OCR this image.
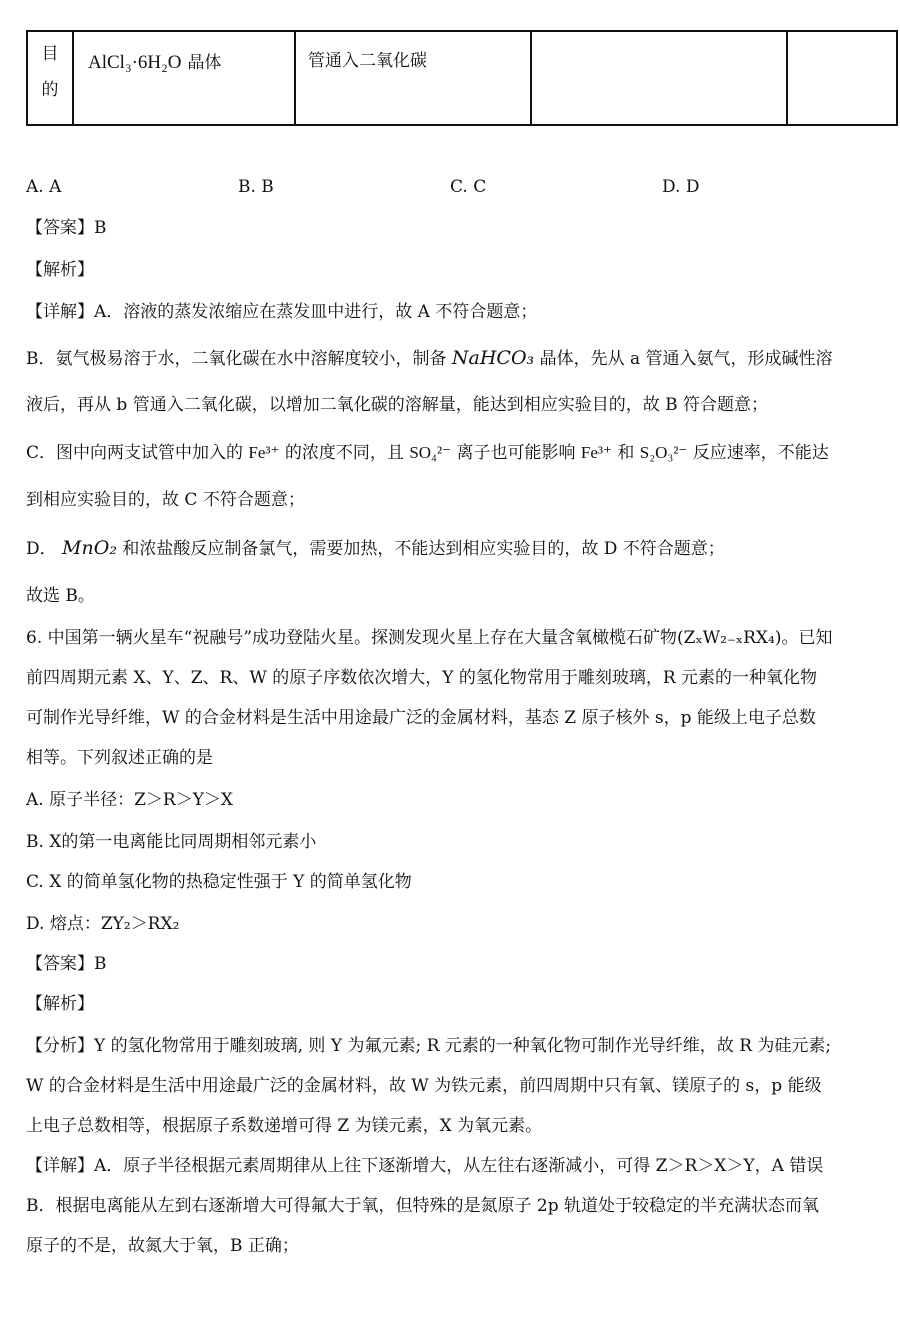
目
的
	AlCl₃·6H₂O 晶体	管通入二氧化碳		
A. A	B. B	C. C	D. D
【答案】B
【解析】
【详解】A．溶液的蒸发浓缩应在蒸发皿中进行，故 A 不符合题意；
B．氨气极易溶于水，二氧化碳在水中溶解度较小，制备 NaHCO₃ 晶体，先从 a 管通入氨气，形成碱性溶
液后，再从 b 管通入二氧化碳，以增加二氧化碳的溶解量，能达到相应实验目的，故 B 符合题意；
C．图中向两支试管中加入的 Fe³⁺ 的浓度不同，且 SO₄²⁻ 离子也可能影响 Fe³⁺ 和 S₂O₃²⁻ 反应速率，不能达
到相应实验目的，故 C 不符合题意；
D． MnO₂ 和浓盐酸反应制备氯气，需要加热，不能达到相应实验目的，故 D 不符合题意；
故选 B。
6. 中国第一辆火星车“祝融号”成功登陆火星。探测发现火星上存在大量含氧橄榄石矿物(ZₓW₂₋ₓRX₄)。已知
前四周期元素 X、Y、Z、R、W 的原子序数依次增大，Y 的氢化物常用于雕刻玻璃，R 元素的一种氧化物
可制作光导纤维，W 的合金材料是生活中用途最广泛的金属材料，基态 Z 原子核外 s，p 能级上电子总数
相等。下列叙述正确的是
A. 原子半径：Z＞R＞Y＞X
B. X的第一电离能比同周期相邻元素小
C. X 的简单氢化物的热稳定性强于 Y 的简单氢化物
D. 熔点：ZY₂＞RX₂
【答案】B
【解析】
【分析】Y 的氢化物常用于雕刻玻璃, 则 Y 为氟元素; R 元素的一种氧化物可制作光导纤维，故 R 为硅元素;
W 的合金材料是生活中用途最广泛的金属材料，故 W 为铁元素，前四周期中只有氧、镁原子的 s，p 能级
上电子总数相等，根据原子系数递增可得 Z 为镁元素，X 为氧元素。
【详解】A．原子半径根据元素周期律从上往下逐渐增大，从左往右逐渐减小，可得 Z＞R＞X＞Y，A 错误
B．根据电离能从左到右逐渐增大可得氟大于氧，但特殊的是氮原子 2p 轨道处于较稳定的半充满状态而氧
原子的不是，故氮大于氧，B 正确；
